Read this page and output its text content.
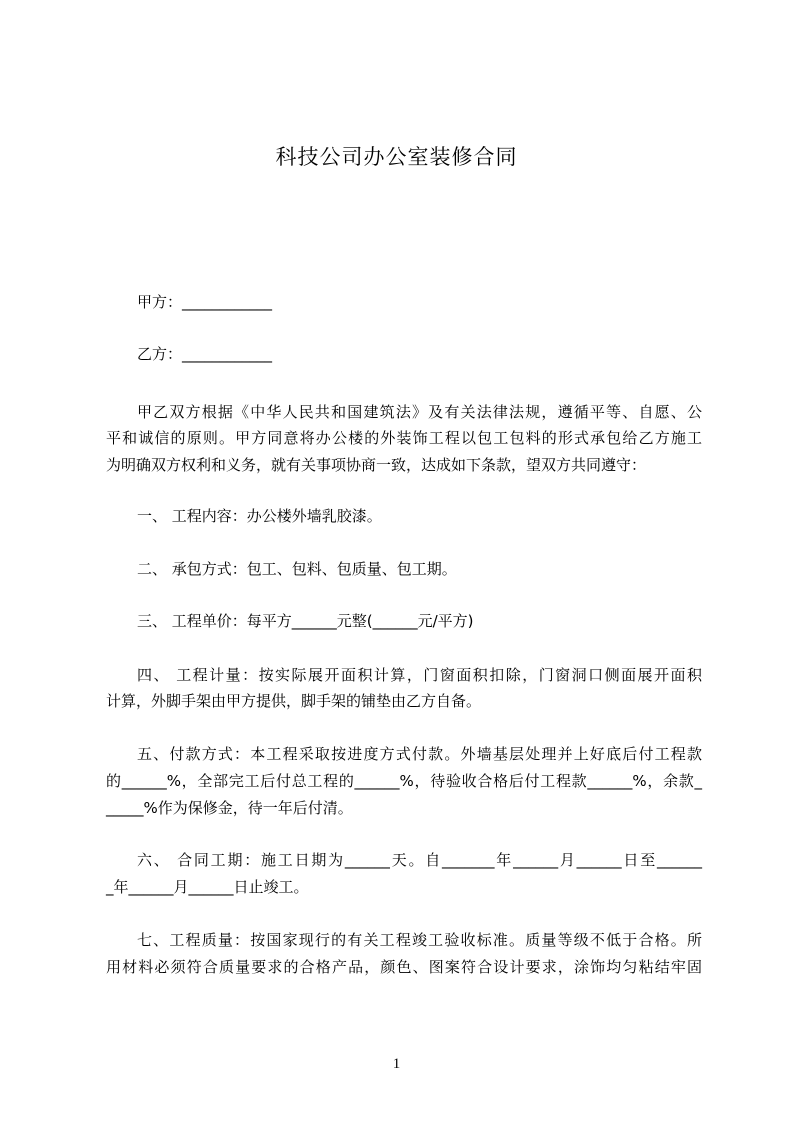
科技公司办公室装修合同
甲方：____________
乙方：____________
甲乙双方根据《中华人民共和国建筑法》及有关法律法规，遵循平等、自愿、公
平和诚信的原则。甲方同意将办公楼的外装饰工程以包工包料的形式承包给乙方施工
为明确双方权利和义务，就有关事项协商一致，达成如下条款，望双方共同遵守：
一、 工程内容：办公楼外墙乳胶漆。
二、 承包方式：包工、包料、包质量、包工期。
三、 工程单价：每平方______元整(______元/平方)
四、 工程计量：按实际展开面积计算，门窗面积扣除，门窗洞口侧面展开面积
计算，外脚手架由甲方提供，脚手架的铺垫由乙方自备。
五、付款方式：本工程采取按进度方式付款。外墙基层处理并上好底后付工程款
的______%，全部完工后付总工程的______%，待验收合格后付工程款______%，余款_
_____%作为保修金，待一年后付清。
六、 合同工期：施工日期为______天。自_______年______月______日至______
_年______月______日止竣工。
七、工程质量：按国家现行的有关工程竣工验收标准。质量等级不低于合格。所
用材料必须符合质量要求的合格产品，颜色、图案符合设计要求，涂饰均匀粘结牢固
1
